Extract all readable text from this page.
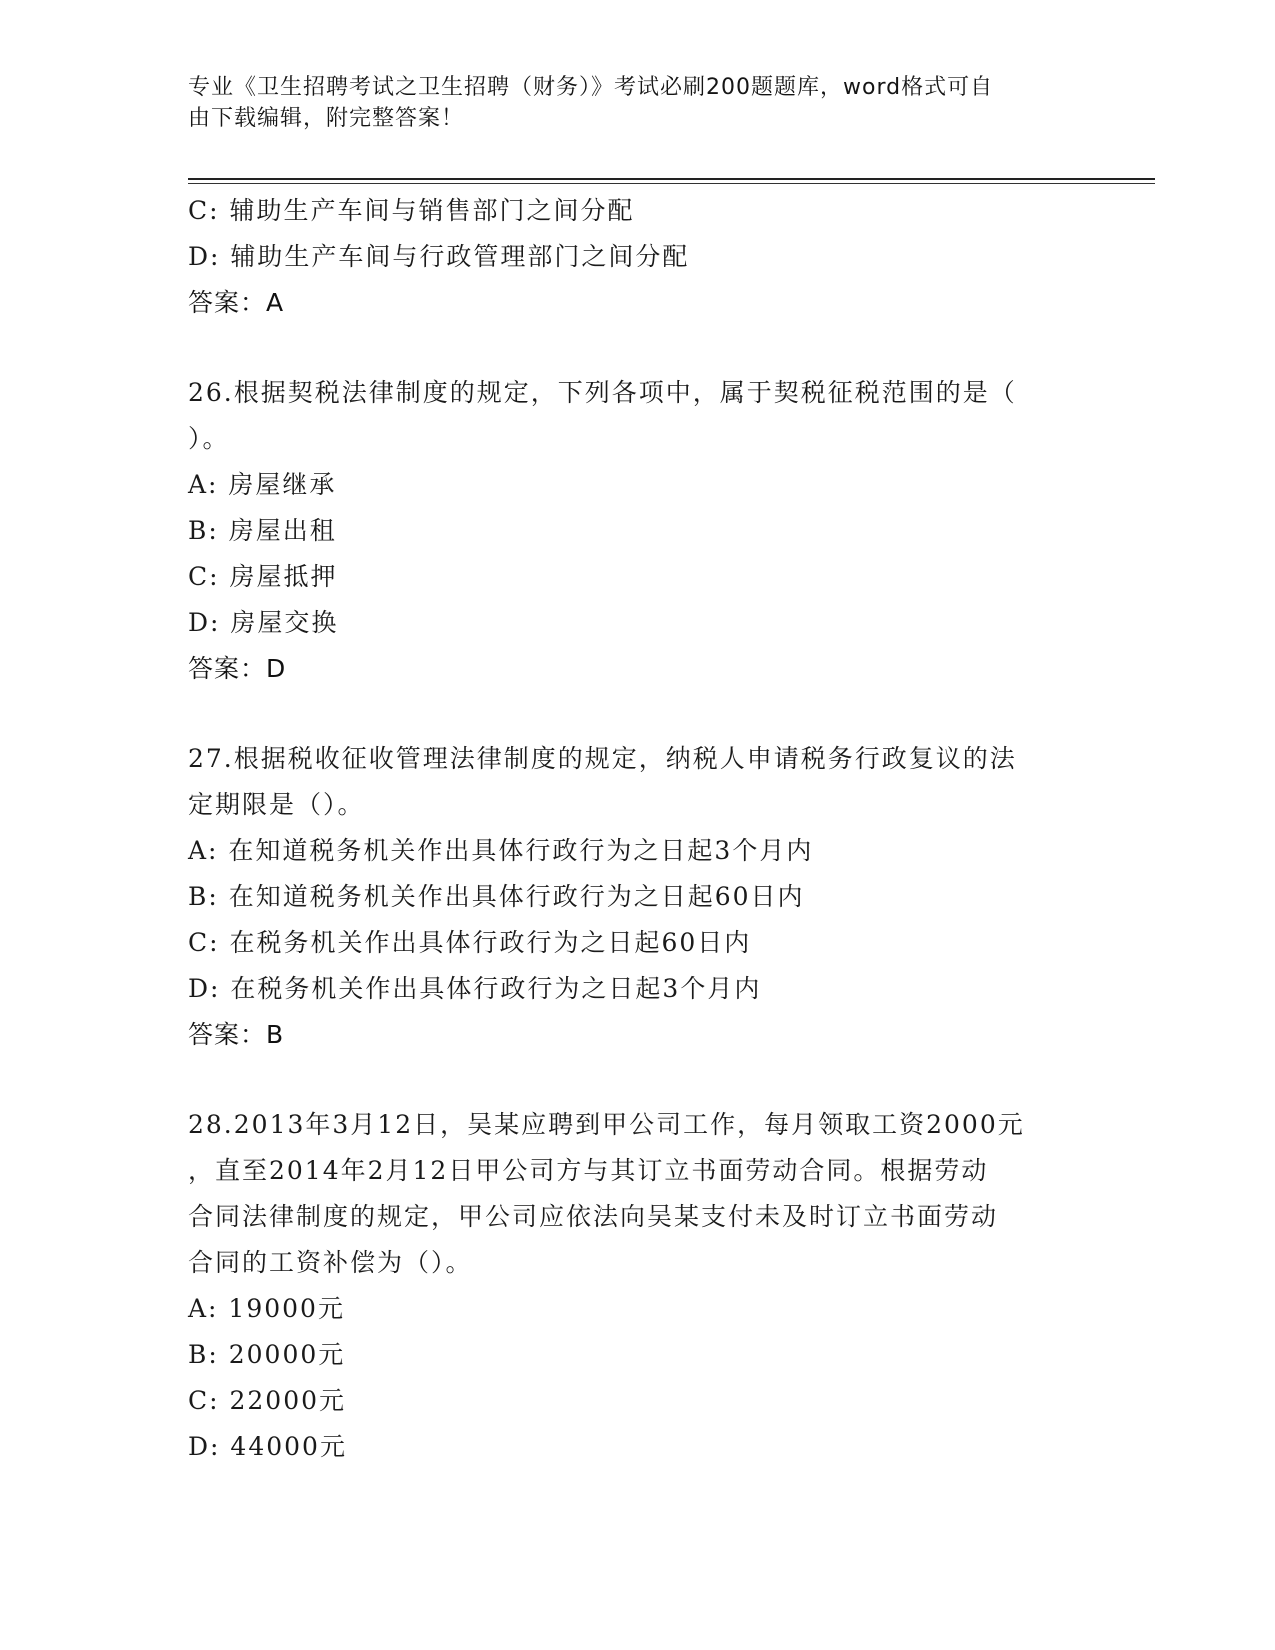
专业《卫生招聘考试之卫生招聘（财务）》考试必刷200题题库，word格式可自
由下载编辑，附完整答案！
C: 辅助生产车间与销售部门之间分配
D: 辅助生产车间与行政管理部门之间分配
答案：A
26.根据契税法律制度的规定，下列各项中，属于契税征税范围的是（
）。
A: 房屋继承
B: 房屋出租
C: 房屋抵押
D: 房屋交换
答案：D
27.根据税收征收管理法律制度的规定，纳税人申请税务行政复议的法
定期限是（）。
A: 在知道税务机关作出具体行政行为之日起3个月内
B: 在知道税务机关作出具体行政行为之日起60日内
C: 在税务机关作出具体行政行为之日起60日内
D: 在税务机关作出具体行政行为之日起3个月内
答案：B
28.2013年3月12日，吴某应聘到甲公司工作，每月领取工资2000元
，直至2014年2月12日甲公司方与其订立书面劳动合同。根据劳动
合同法律制度的规定，甲公司应依法向吴某支付未及时订立书面劳动
合同的工资补偿为（）。
A: 19000元
B: 20000元
C: 22000元
D: 44000元
